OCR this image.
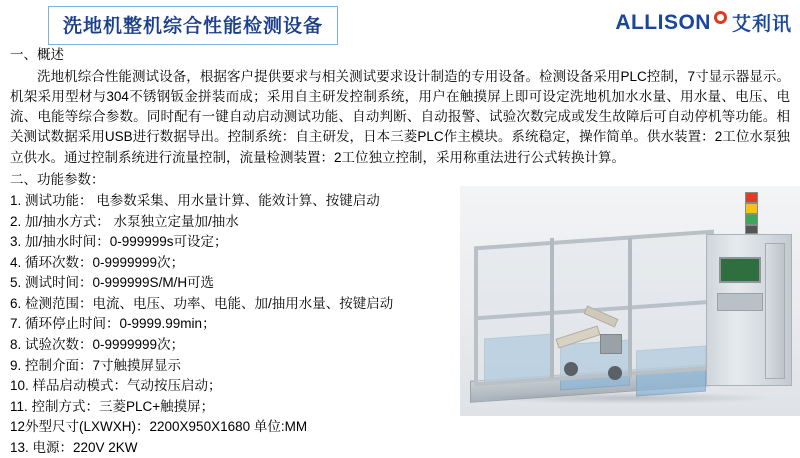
洗地机整机综合性能检测设备	ALLISON 艾利讯
一、概述

洗地机综合性能测试设备，根据客户提供要求与相关测试要求设计制造的专用设备。检测设备采用PLC控制，7寸显示器显示。机架采用型材与304不锈钢钣金拼装而成；采用自主研发控制系统，用户在触摸屏上即可设定洗地机加水水量、用水量、电压、电流、电能等综合参数。同时配有一键自动启动测试功能、自动判断、自动报警、试验次数完成或发生故障后可自动停机等功能。相关测试数据采用USB进行数据导出。控制系统：自主研发，日本三菱PLC作主模块。系统稳定，操作简单。供水装置：2工位水泵独立供水。通过控制系统进行流量控制，流量检测装置：2工位独立控制，采用称重法进行公式转换计算。

二、功能参数：
1. 测试功能： 电参数采集、用水量计算、能效计算、按键启动
2. 加/抽水方式： 水泵独立定量加/抽水
3. 加/抽水时间：0-999999s可设定；
4. 循环次数：0-9999999次；
5. 测试时间：0-999999S/M/H可选
6. 检测范围：电流、电压、功率、电能、加/抽用水量、按键启动
7. 循环停止时间：0-9999.99min；
8. 试验次数：0-9999999次；
9. 控制介面：7寸触摸屏显示
10. 样品启动模式：气动按压启动；
11. 控制方式：三菱PLC+触摸屏；
12外型尺寸(LXWXH)：2200X950X1680 单位:MM
13. 电源：220V 2KW
